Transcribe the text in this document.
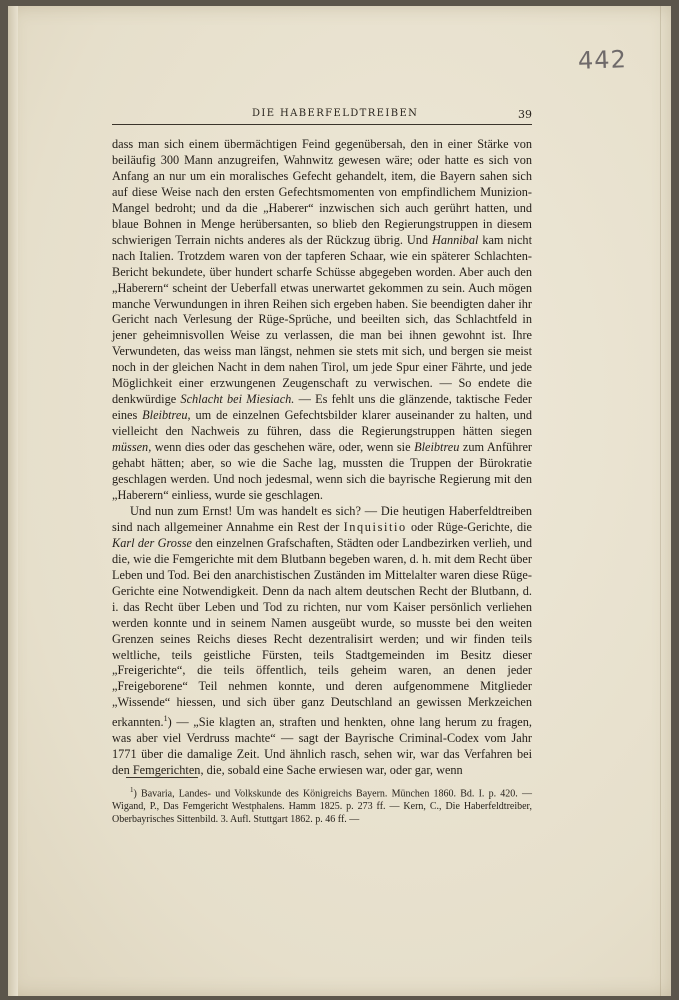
442
DIE HABERFELDTREIBEN	39

dass man sich einem übermächtigen Feind gegenübersah, den in einer Stärke von beiläufig 300 Mann anzugreifen, Wahnwitz gewesen wäre; oder hatte es sich von Anfang an nur um ein moralisches Gefecht gehandelt, item, die Bayern sahen sich auf diese Weise nach den ersten Gefechtsmomenten von empfindlichem Munizion-Mangel bedroht; und da die „Haberer“ inzwischen sich auch gerührt hatten, und blaue Bohnen in Menge herübersanten, so blieb den Regierungstruppen in diesem schwierigen Terrain nichts anderes als der Rückzug übrig. Und Hannibal kam nicht nach Italien. Trotzdem waren von der tapferen Schaar, wie ein späterer Schlachten-Bericht bekundete, über hundert scharfe Schüsse abgegeben worden. Aber auch den „Haberern“ scheint der Ueberfall etwas unerwartet gekommen zu sein. Auch mögen manche Verwundungen in ihren Reihen sich ergeben haben. Sie beendigten daher ihr Gericht nach Verlesung der Rüge-Sprüche, und beeilten sich, das Schlachtfeld in jener geheimnisvollen Weise zu verlassen, die man bei ihnen gewohnt ist. Ihre Verwundeten, das weiss man längst, nehmen sie stets mit sich, und bergen sie meist noch in der gleichen Nacht in dem nahen Tirol, um jede Spur einer Fährte, und jede Möglichkeit einer erzwungenen Zeugenschaft zu verwischen. — So endete die denkwürdige Schlacht bei Miesiach. — Es fehlt uns die glänzende, taktische Feder eines Bleibtreu, um de einzelnen Gefechtsbilder klarer auseinander zu halten, und vielleicht den Nachweis zu führen, dass die Regierungstruppen hätten siegen müssen, wenn dies oder das geschehen wäre, oder, wenn sie Bleibtreu zum Anführer gehabt hätten; aber, so wie die Sache lag, mussten die Truppen der Bürokratie geschlagen werden. Und noch jedesmal, wenn sich die bayrische Regierung mit den „Haberern“ einliess, wurde sie geschlagen.

Und nun zum Ernst! Um was handelt es sich? — Die heutigen Haberfeldtreiben sind nach allgemeiner Annahme ein Rest der Inquisitio oder Rüge-Gerichte, die Karl der Grosse den einzelnen Grafschaften, Städten oder Landbezirken verlieh, und die, wie die Femgerichte mit dem Blutbann begeben waren, d. h. mit dem Recht über Leben und Tod. Bei den anarchistischen Zuständen im Mittelalter waren diese Rüge-Gerichte eine Notwendigkeit. Denn da nach altem deutschen Recht der Blutbann, d. i. das Recht über Leben und Tod zu richten, nur vom Kaiser persönlich verliehen werden konnte und in seinem Namen ausgeübt wurde, so musste bei den weiten Grenzen seines Reichs dieses Recht dezentralisirt werden; und wir finden teils weltliche, teils geistliche Fürsten, teils Stadtgemeinden im Besitz dieser „Freigerichte“, die teils öffentlich, teils geheim waren, an denen jeder „Freigeborene“ Teil nehmen konnte, und deren aufgenommene Mitglieder „Wissende“ hiessen, und sich über ganz Deutschland an gewissen Merkzeichen erkannten.$^1$) — „Sie klagten an, straften und henkten, ohne lang herum zu fragen, was aber viel Verdruss machte“ — sagt der Bayrische Criminal-Codex vom Jahr 1771 über die damalige Zeit. Und ähnlich rasch, sehen wir, war das Verfahren bei den Femgerichten, die, sobald eine Sache erwiesen war, oder gar, wenn

$^1$) Bavaria, Landes- und Volkskunde des Königreichs Bayern. München 1860. Bd. I. p. 420. — Wigand, P., Das Femgericht Westphalens. Hamm 1825. p. 273 ff. — Kern, C., Die Haberfeldtreiber, Oberbayrisches Sittenbild. 3. Aufl. Stuttgart 1862. p. 46 ff. —
